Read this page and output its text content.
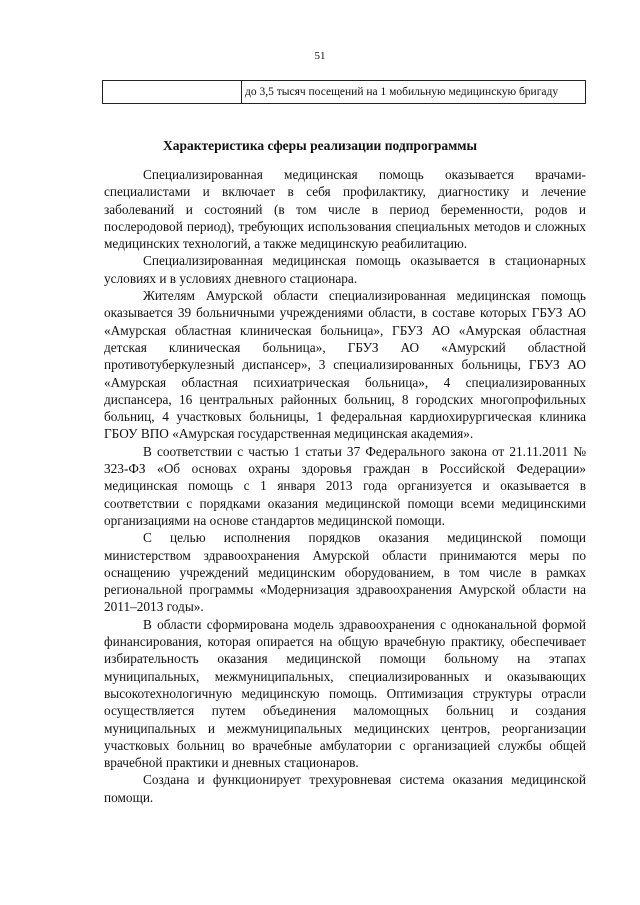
51
	до 3,5 тысяч посещений на 1 мобильную медицинскую бригаду
Характеристика сферы реализации подпрограммы

Специализированная медицинская помощь оказывается врачами-специалистами и включает в себя профилактику, диагностику и лечение заболеваний и состояний (в том числе в период беременности, родов и послеродовой период), требующих использования специальных методов и сложных медицинских технологий, а также медицинскую реабилитацию.

Специализированная медицинская помощь оказывается в стационарных условиях и в условиях дневного стационара.

Жителям Амурской области специализированная медицинская помощь оказывается 39 больничными учреждениями области, в составе которых ГБУЗ АО «Амурская областная клиническая больница», ГБУЗ АО «Амурская областная детская клиническая больница», ГБУЗ АО «Амурский областной противотуберкулезный диспансер», 3 специализированных больницы, ГБУЗ АО «Амурская областная психиатрическая больница», 4 специализированных диспансера, 16 центральных районных больниц, 8 городских многопрофильных больниц, 4 участковых больницы, 1 федеральная кардиохирургическая клиника ГБОУ ВПО «Амурская государственная медицинская академия».

В соответствии с частью 1 статьи 37 Федерального закона от 21.11.2011 № 323-ФЗ «Об основах охраны здоровья граждан в Российской Федерации» медицинская помощь с 1 января 2013 года организуется и оказывается в соответствии с порядками оказания медицинской помощи всеми медицинскими организациями на основе стандартов медицинской помощи.

С целью исполнения порядков оказания медицинской помощи министерством здравоохранения Амурской области принимаются меры по оснащению учреждений медицинским оборудованием, в том числе в рамках региональной программы «Модернизация здравоохранения Амурской области на 2011–2013 годы».

В области сформирована модель здравоохранения с одноканальной формой финансирования, которая опирается на общую врачебную практику, обеспечивает избирательность оказания медицинской помощи больному на этапах муниципальных, межмуниципальных, специализированных и оказывающих высокотехнологичную медицинскую помощь. Оптимизация структуры отрасли осуществляется путем объединения маломощных больниц и создания муниципальных и межмуниципальных медицинских центров, реорганизации участковых больниц во врачебные амбулатории с организацией службы общей врачебной практики и дневных стационаров.

Создана и функционирует трехуровневая система оказания медицинской помощи.
